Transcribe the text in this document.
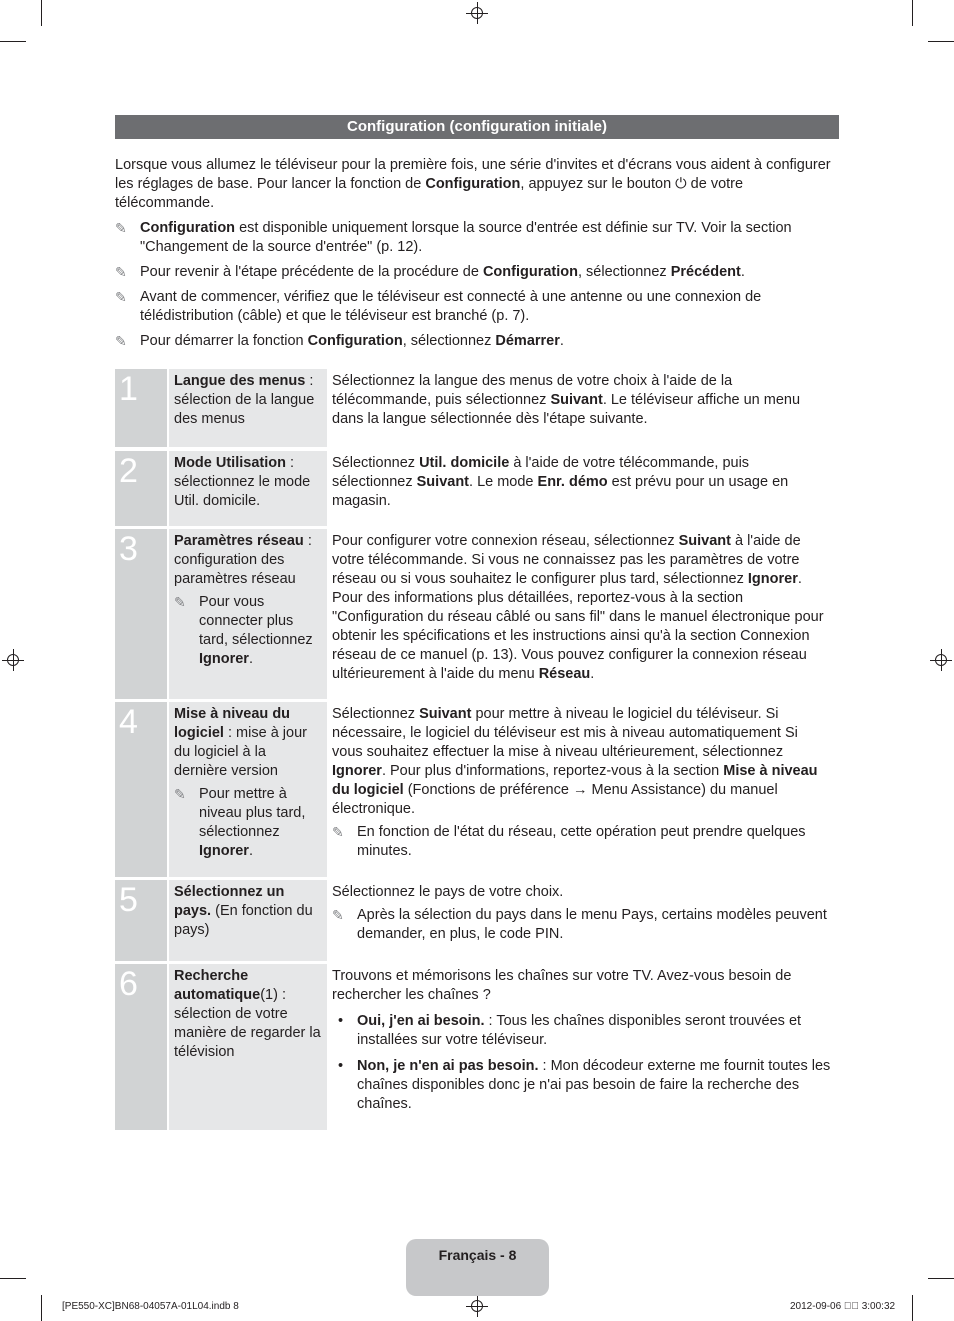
Configuration (configuration initiale)

Lorsque vous allumez le téléviseur pour la première fois, une série d'invites et d'écrans vous aident à configurer les réglages de base. Pour lancer la fonction de Configuration, appuyez sur le bouton ⏻ de votre télécommande.

✎ Configuration est disponible uniquement lorsque la source d'entrée est définie sur TV. Voir la section "Changement de la source d'entrée" (p. 12).
✎ Pour revenir à l'étape précédente de la procédure de Configuration, sélectionnez Précédent.
✎ Avant de commencer, vérifiez que le téléviseur est connecté à une antenne ou une connexion de télédistribution (câble) et que le téléviseur est branché (p. 7).
✎ Pour démarrer la fonction Configuration, sélectionnez Démarrer.
1	Langue des menus : sélection de la langue des menus

Sélectionnez la langue des menus de votre choix à l'aide de la télécommande, puis sélectionnez Suivant. Le téléviseur affiche un menu dans la langue sélectionnée dès l'étape suivante.

2	Mode Utilisation : sélectionnez le mode Util. domicile.

Sélectionnez Util. domicile à l'aide de votre télécommande, puis sélectionnez Suivant. Le mode Enr. démo est prévu pour un usage en magasin.

3	Paramètres réseau : configuration des paramètres réseau
✎ Pour vous connecter plus tard, sélectionnez Ignorer.

Pour configurer votre connexion réseau, sélectionnez Suivant à l'aide de votre télécommande. Si vous ne connaissez pas les paramètres de votre réseau ou si vous souhaitez le configurer plus tard, sélectionnez Ignorer. Pour des informations plus détaillées, reportez-vous à la section "Configuration du réseau câblé ou sans fil" dans le manuel électronique pour obtenir les spécifications et les instructions ainsi qu'à la section Connexion réseau de ce manuel (p. 13). Vous pouvez configurer la connexion réseau ultérieurement à l'aide du menu Réseau.

4	Mise à niveau du logiciel : mise à jour du logiciel à la dernière version
✎ Pour mettre à niveau plus tard, sélectionnez Ignorer.

Sélectionnez Suivant pour mettre à niveau le logiciel du téléviseur. Si nécessaire, le logiciel du téléviseur est mis à niveau automatiquement Si vous souhaitez effectuer la mise à niveau ultérieurement, sélectionnez Ignorer. Pour plus d'informations, reportez-vous à la section Mise à niveau du logiciel (Fonctions de préférence → Menu Assistance) du manuel électronique.

✎ En fonction de l'état du réseau, cette opération peut prendre quelques minutes.
5	Sélectionnez un pays. (En fonction du pays)

Sélectionnez le pays de votre choix.

✎ Après la sélection du pays dans le menu Pays, certains modèles peuvent demander, en plus, le code PIN.
6	Recherche automatique(1) : sélection de votre manière de regarder la télévision

Trouvons et mémorisons les chaînes sur votre TV. Avez-vous besoin de rechercher les chaînes ?

• Oui, j'en ai besoin. : Tous les chaînes disponibles seront trouvées et installées sur votre téléviseur.
• Non, je n'en ai pas besoin. : Mon décodeur externe me fournit toutes les chaînes disponibles donc je n'ai pas besoin de faire la recherche des chaînes.
Français - 8
[PE550-XC]BN68-04057A-01L04.indb 8	2012-09-06 ￿￿ 3:00:32
